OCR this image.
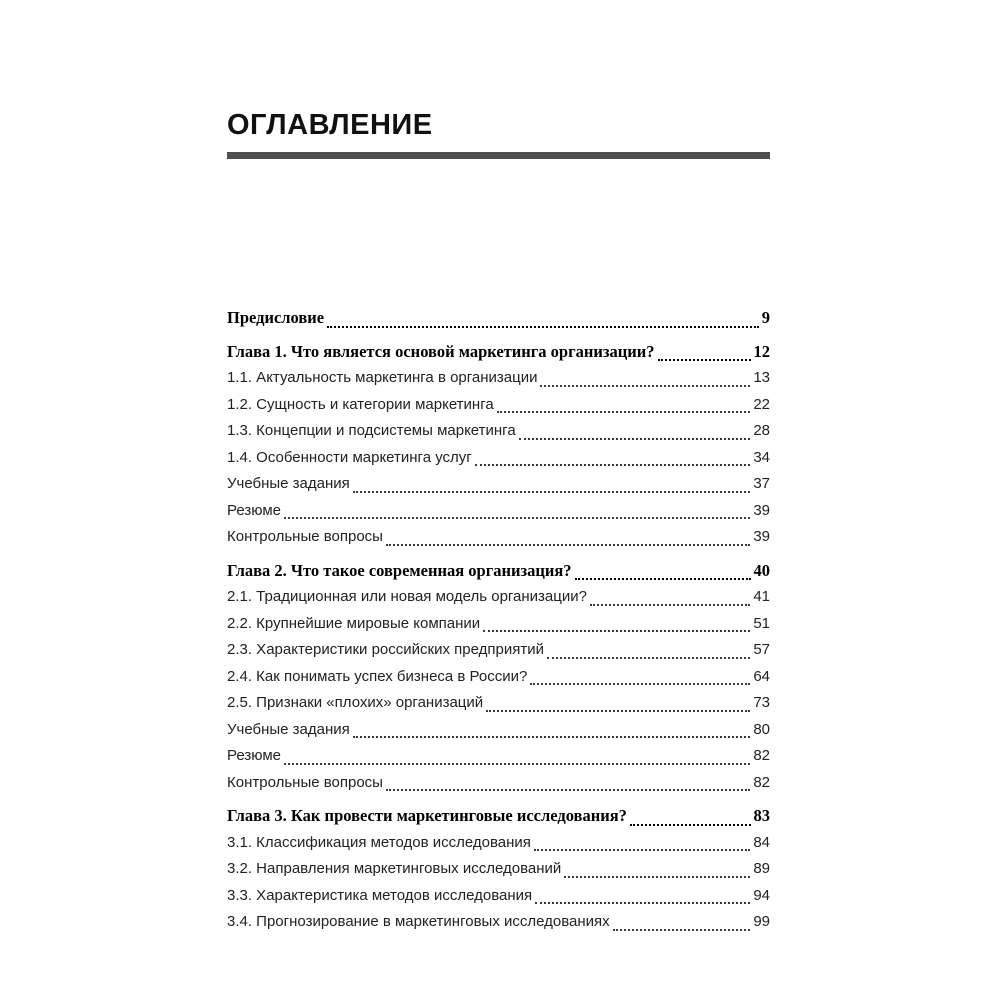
ОГЛАВЛЕНИЕ
Предисловие	9
Глава 1. Что является основой маркетинга организации?	12
1.1. Актуальность маркетинга в организации	13
1.2. Сущность и категории маркетинга	22
1.3. Концепции и подсистемы маркетинга	28
1.4. Особенности маркетинга услуг	34
Учебные задания	37
Резюме	39
Контрольные вопросы	39
Глава 2. Что такое современная организация?	40
2.1. Традиционная или новая модель организации?	41
2.2. Крупнейшие мировые компании	51
2.3. Характеристики российских предприятий	57
2.4. Как понимать успех бизнеса в России?	64
2.5. Признаки «плохих» организаций	73
Учебные задания	80
Резюме	82
Контрольные вопросы	82
Глава 3. Как провести маркетинговые исследования?	83
3.1. Классификация методов исследования	84
3.2. Направления маркетинговых исследований	89
3.3. Характеристика методов исследования	94
3.4. Прогнозирование в маркетинговых исследованиях	99
